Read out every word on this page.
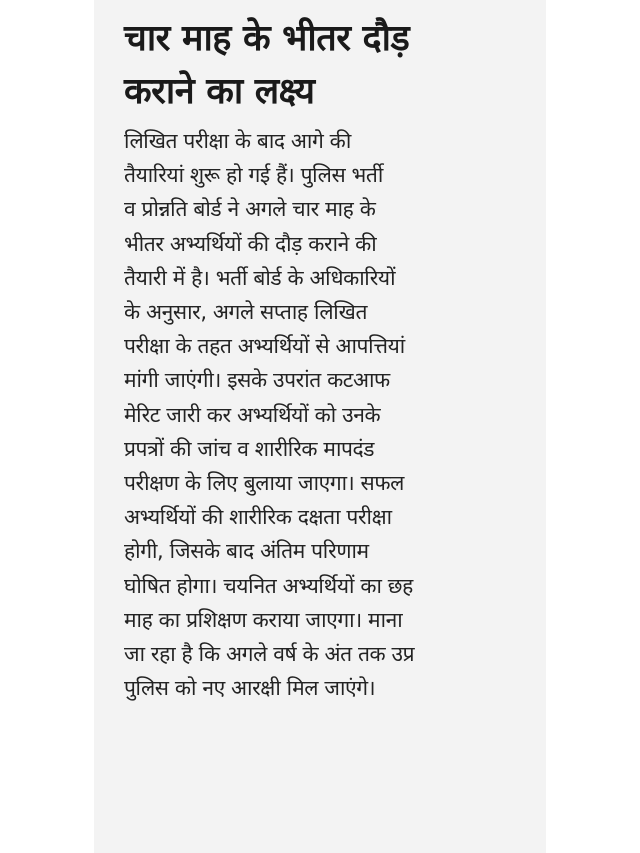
चार माह के भीतर दौड़
कराने का लक्ष्य
लिखित परीक्षा के बाद आगे की
तैयारियां शुरू हो गई हैं। पुलिस भर्ती
व प्रोन्नति बोर्ड ने अगले चार माह के
भीतर अभ्यर्थियों की दौड़ कराने की
तैयारी में है। भर्ती बोर्ड के अधिकारियों
के अनुसार, अगले सप्ताह लिखित
परीक्षा के तहत अभ्यर्थियों से आपत्तियां
मांगी जाएंगी। इसके उपरांत कटआफ
मेरिट जारी कर अभ्यर्थियों को उनके
प्रपत्रों की जांच व शारीरिक मापदंड
परीक्षण के लिए बुलाया जाएगा। सफल
अभ्यर्थियों की शारीरिक दक्षता परीक्षा
होगी, जिसके बाद अंतिम परिणाम
घोषित होगा। चयनित अभ्यर्थियों का छह
माह का प्रशिक्षण कराया जाएगा। माना
जा रहा है कि अगले वर्ष के अंत तक उप्र
पुलिस को नए आरक्षी मिल जाएंगे।
